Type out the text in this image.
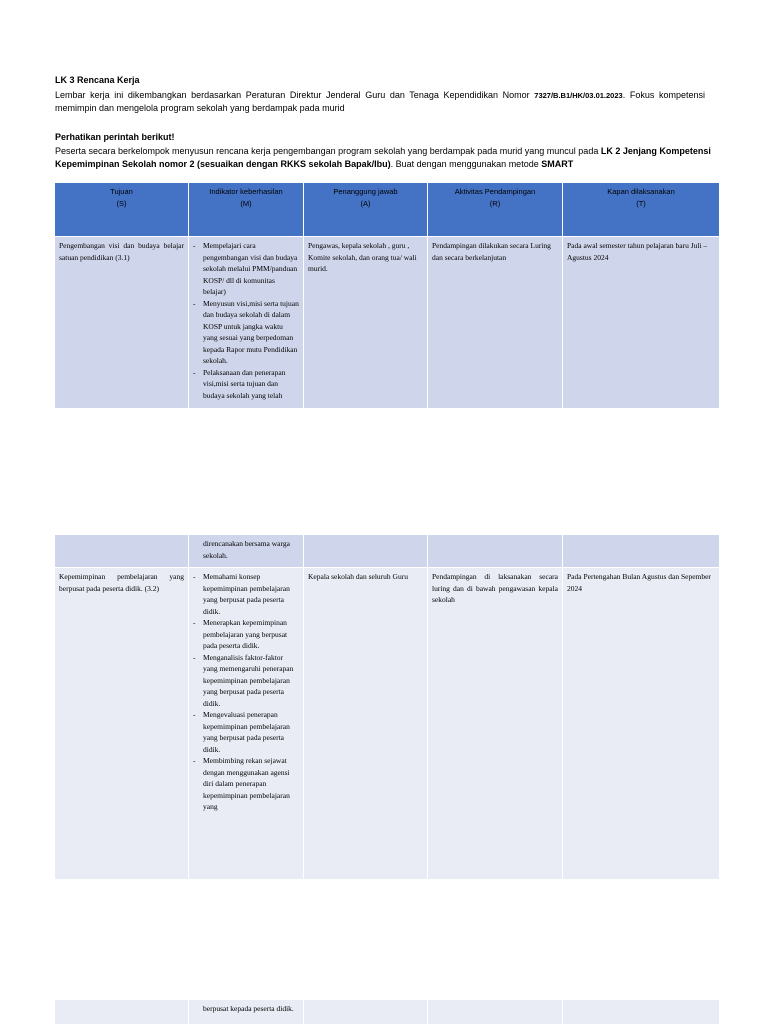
LK 3 Rencana Kerja
Lembar kerja ini dikembangkan berdasarkan Peraturan Direktur Jenderal Guru dan Tenaga Kependidikan Nomor 7327/B.B1/HK/03.01.2023. Fokus kompetensi memimpin dan mengelola program sekolah yang berdampak pada murid
Perhatikan perintah berikut!
Peserta secara berkelompok menyusun rencana kerja pengembangan program sekolah yang berdampak pada murid yang muncul pada LK 2 Jenjang Kompetensi Kepemimpinan Sekolah nomor 2 (sesuaikan dengan RKKS sekolah Bapak/Ibu). Buat dengan menggunakan metode SMART
Tujuan
(S)
Indikator keberhasilan
(M)
Penanggung jawab
(A)
Aktivitas Pendampingan
(R)
Kapan dilaksanakan
(T)
Pengembangan visi dan budaya belajar satuan pendidikan (3.1)
- Mempelajari cara pengembangan visi dan budaya sekolah melalui PMM/panduan KOSP/ dll di komunitas belajar)
- Menyusun visi,misi serta tujuan dan budaya sekolah di dalam KOSP untuk jangka waktu yang sesuai yang berpedoman kepada Rapor mutu Pendidikan sekolah.
- Pelaksanaan dan penerapan visi,misi serta tujuan dan budaya sekolah yang telah
Pengawas, kepala sekolah , guru , Komite sekolah, dan orang tua/ wali murid.
Pendampingan dilakukan secara Luring dan secara berkelanjutan
Pada awal semester tahun pelajaran baru Juli – Agustus 2024
direncanakan bersama warga sekolah.
Kepemimpinan pembelajaran yang berpusat pada peserta didik. (3.2)
- Memahami konsep kepemimpinan pembelajaran yang berpusat pada peserta didik.
- Menerapkan kepemimpinan pembelajaran yang berpusat pada peserta didik.
- Menganalisis faktor-faktor yang memengaruhi penerapan kepemimpinan pembelajaran yang berpusat pada peserta didik.
- Mengevaluasi penerapan kepemimpinan pembelajaran yang berpusat pada peserta didik.
- Membimbing rekan sejawat dengan menggunakan agensi diri dalam penerapan kepemimpinan pembelajaran yang
Kepala sekolah dan seluruh Guru	Pendampingan di laksanakan secara luring dan di bawah pengawasan kepala sekolah
Pada Pertengahan Bulan Agustus dan Sepember 2024
berpusat kepada peserta didik.
